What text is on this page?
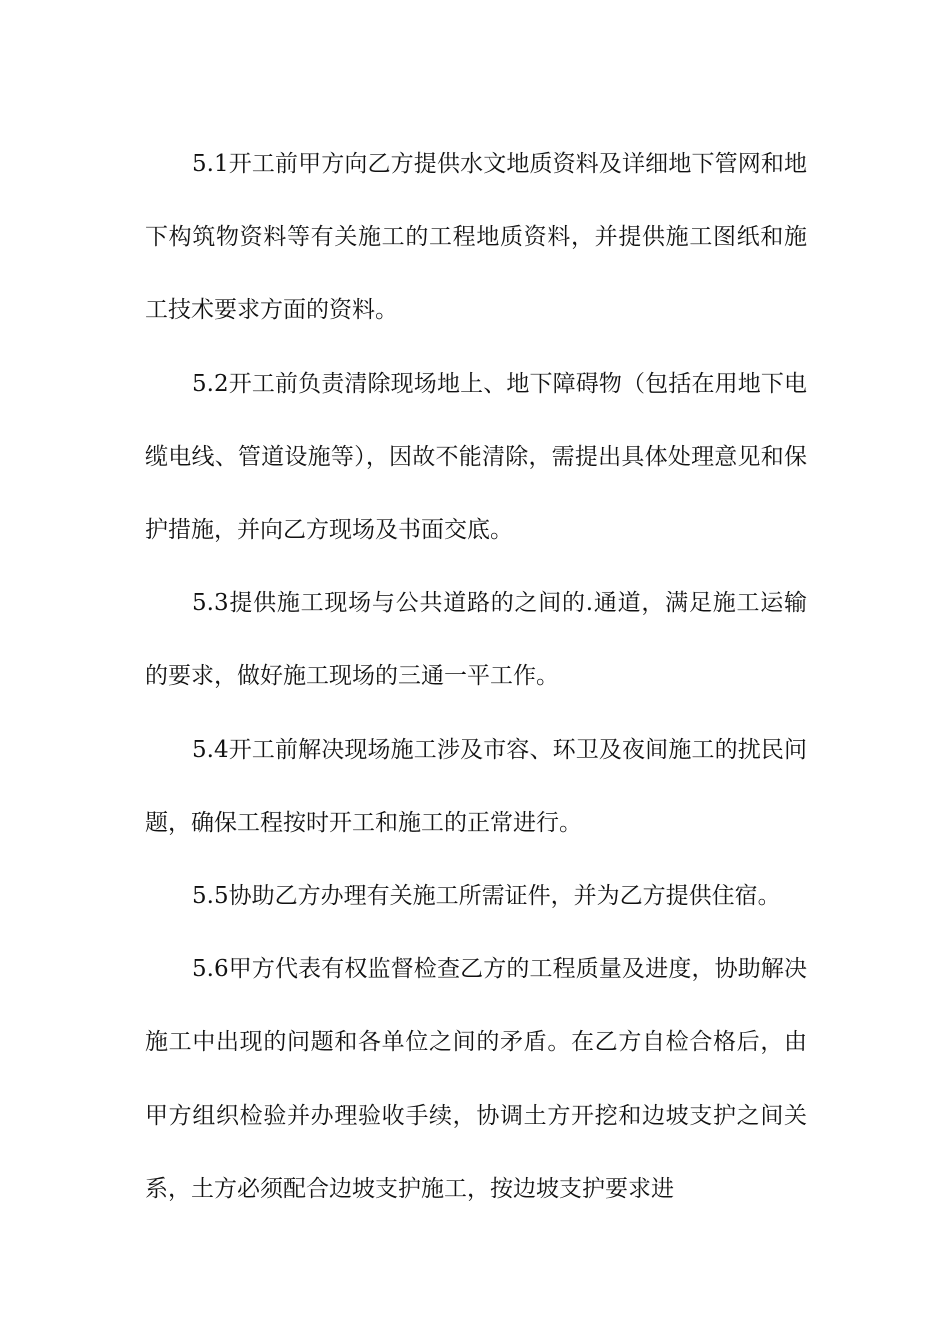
5.1开工前甲方向乙方提供水文地质资料及详细地下管网和地下构筑物资料等有关施工的工程地质资料，并提供施工图纸和施工技术要求方面的资料。

5.2开工前负责清除现场地上、地下障碍物（包括在用地下电缆电线、管道设施等），因故不能清除，需提出具体处理意见和保护措施，并向乙方现场及书面交底。

5.3提供施工现场与公共道路的之间的.通道，满足施工运输的要求，做好施工现场的三通一平工作。

5.4开工前解决现场施工涉及市容、环卫及夜间施工的扰民问题，确保工程按时开工和施工的正常进行。

5.5协助乙方办理有关施工所需证件，并为乙方提供住宿。

5.6甲方代表有权监督检查乙方的工程质量及进度，协助解决施工中出现的问题和各单位之间的矛盾。在乙方自检合格后，由甲方组织检验并办理验收手续，协调土方开挖和边坡支护之间关系，土方必须配合边坡支护施工，按边坡支护要求进
